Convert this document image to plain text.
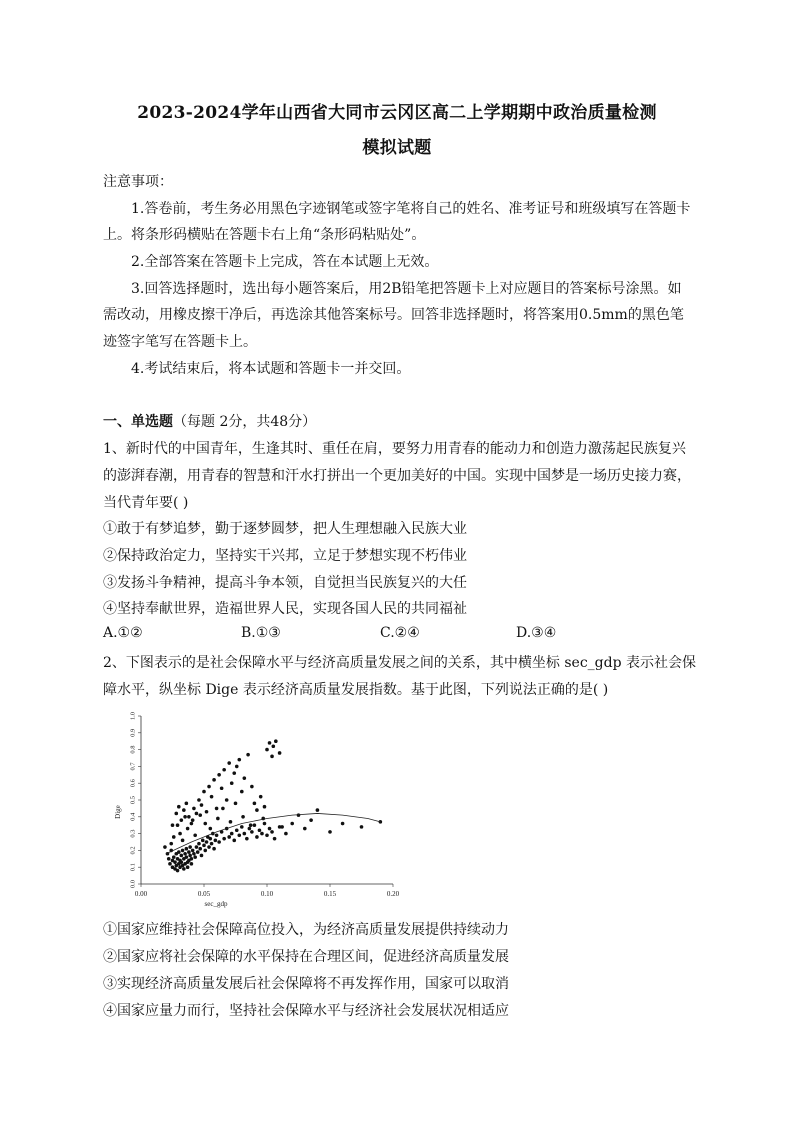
2023-2024学年山西省大同市云冈区高二上学期期中政治质量检测
模拟试题
注意事项：
1.答卷前，考生务必用黑色字迹钢笔或签字笔将自己的姓名、准考证号和班级填写在答题卡
上。将条形码横贴在答题卡右上角“条形码粘贴处”。
2.全部答案在答题卡上完成，答在本试题上无效。
3.回答选择题时，选出每小题答案后，用2B铅笔把答题卡上对应题目的答案标号涂黑。如
需改动，用橡皮擦干净后，再选涂其他答案标号。回答非选择题时，将答案用0.5mm的黑色笔
迹签字笔写在答题卡上。
4.考试结束后，将本试题和答题卡一并交回。
一、单选题（每题 2分，共48分）
1、新时代的中国青年，生逢其时、重任在肩，要努力用青春的能动力和创造力激荡起民族复兴
的澎湃春潮，用青春的智慧和汗水打拼出一个更加美好的中国。实现中国梦是一场历史接力赛，
当代青年要( )
①敢于有梦追梦，勤于逐梦圆梦，把人生理想融入民族大业
②保持政治定力，坚持实干兴邦，立足于梦想实现不朽伟业
③发扬斗争精神，提高斗争本领，自觉担当民族复兴的大任
④坚持奉献世界，造福世界人民，实现各国人民的共同福祉
A.①②	B.①③	C.②④	D.③④
2、下图表示的是社会保障水平与经济高质量发展之间的关系，其中横坐标 sec_gdp 表示社会保
障水平，纵坐标 Dige 表示经济高质量发展指数。基于此图，下列说法正确的是( )
0.0
0.1
0.2
0.3
0.4
0.5
0.6
0.7
0.8
0.9
1.0
0.00	0.05	0.10	0.15	0.20
sec_gdp
Dige
①国家应维持社会保障高位投入，为经济高质量发展提供持续动力
②国家应将社会保障的水平保持在合理区间，促进经济高质量发展
③实现经济高质量发展后社会保障将不再发挥作用，国家可以取消
④国家应量力而行，坚持社会保障水平与经济社会发展状况相适应
